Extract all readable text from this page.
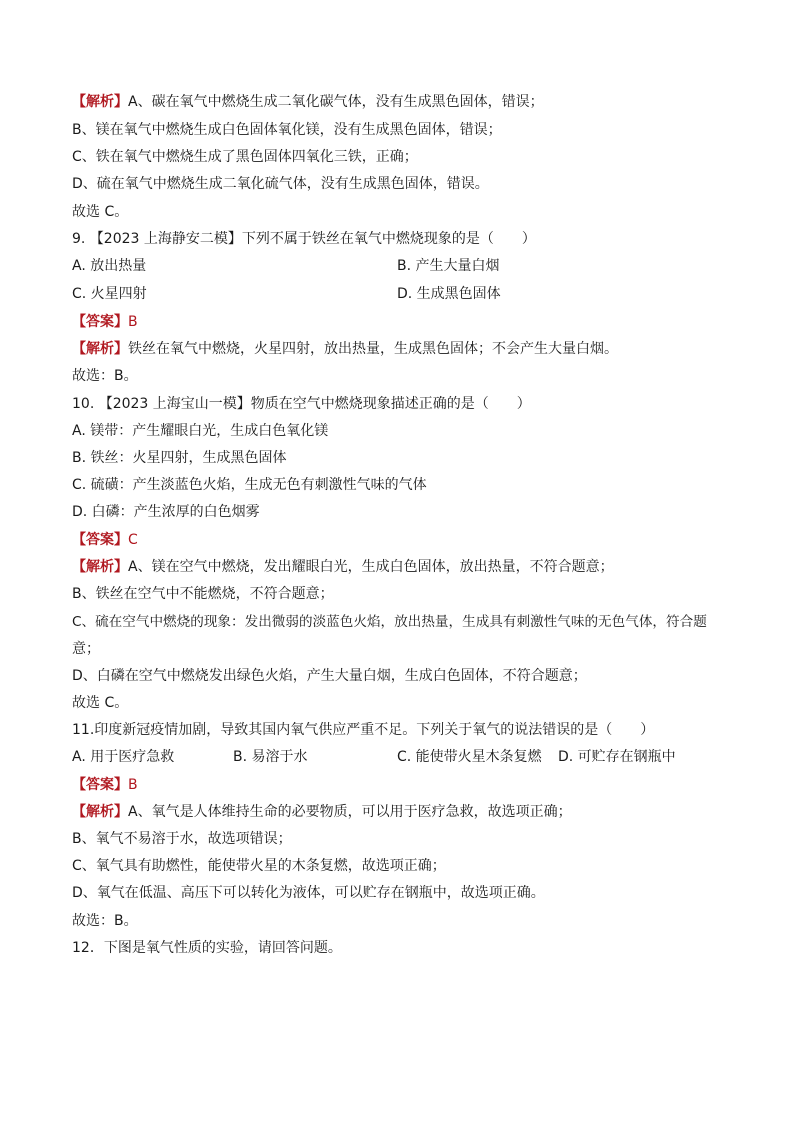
【解析】A、碳在氧气中燃烧生成二氧化碳气体，没有生成黑色固体，错误；
B、镁在氧气中燃烧生成白色固体氧化镁，没有生成黑色固体，错误；
C、铁在氧气中燃烧生成了黑色固体四氧化三铁，正确；
D、硫在氧气中燃烧生成二氧化硫气体，没有生成黑色固体，错误。
故选 C。
9. 【2023 上海静安二模】下列不属于铁丝在氧气中燃烧现象的是（　　）
A. 放出热量	B. 产生大量白烟
C. 火星四射	D. 生成黑色固体
【答案】B
【解析】铁丝在氧气中燃烧，火星四射，放出热量，生成黑色固体；不会产生大量白烟。
故选：B。
10. 【2023 上海宝山一模】物质在空气中燃烧现象描述正确的是（　　）
A. 镁带：产生耀眼白光，生成白色氧化镁
B. 铁丝：火星四射，生成黑色固体
C. 硫磺：产生淡蓝色火焰，生成无色有刺激性气味的气体
D. 白磷：产生浓厚的白色烟雾
【答案】C
【解析】A、镁在空气中燃烧，发出耀眼白光，生成白色固体，放出热量，不符合题意；
B、铁丝在空气中不能燃烧，不符合题意；
C、硫在空气中燃烧的现象：发出微弱的淡蓝色火焰，放出热量，生成具有刺激性气味的无色气体，符合题
意；
D、白磷在空气中燃烧发出绿色火焰，产生大量白烟，生成白色固体，不符合题意；
故选 C。
11.印度新冠疫情加剧，导致其国内氧气供应严重不足。下列关于氧气的说法错误的是（　　）
A. 用于医疗急救	B. 易溶于水	C. 能使带火星木条复燃 D. 可贮存在钢瓶中
【答案】B
【解析】A、氧气是人体维持生命的必要物质，可以用于医疗急救，故选项正确；
B、氧气不易溶于水，故选项错误；
C、氧气具有助燃性，能使带火星的木条复燃，故选项正确；
D、氧气在低温、高压下可以转化为液体，可以贮存在钢瓶中，故选项正确。
故选：B。
12．下图是氧气性质的实验，请回答问题。
